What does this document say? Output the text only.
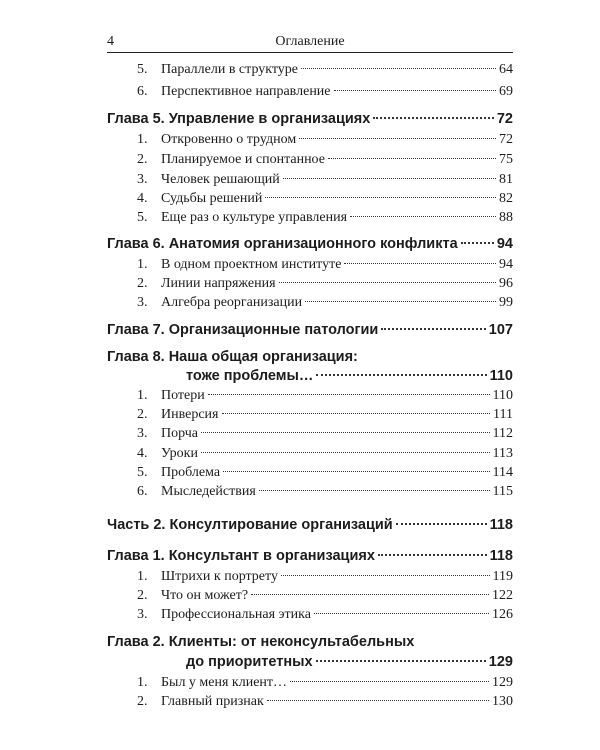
4	Оглавление
5. Параллели в структуре	64
6. Перспективное направление	69
Глава 5. Управление в организациях	72
1. Откровенно о трудном	72
2. Планируемое и спонтанное	75
3. Человек решающий	81
4. Судьбы решений	82
5. Еще раз о культуре управления	88
Глава 6. Анатомия организационного конфликта	94
1. В одном проектном институте	94
2. Линии напряжения	96
3. Алгебра реорганизации	99
Глава 7. Организационные патологии	107
Глава 8. Наша общая организация:
тоже проблемы…	110
1. Потери	110
2. Инверсия	111
3. Порча	112
4. Уроки	113
5. Проблема	114
6. Мыследействия	115
Часть 2. Консултирование организаций	118
Глава 1. Консультант в организациях	118
1. Штрихи к портрету	119
2. Что он может?	122
3. Профессиональная этика	126
Глава 2. Клиенты: от неконсультабельных
до приоритетных	129
1. Был у меня клиент…	129
2. Главный признак	130
